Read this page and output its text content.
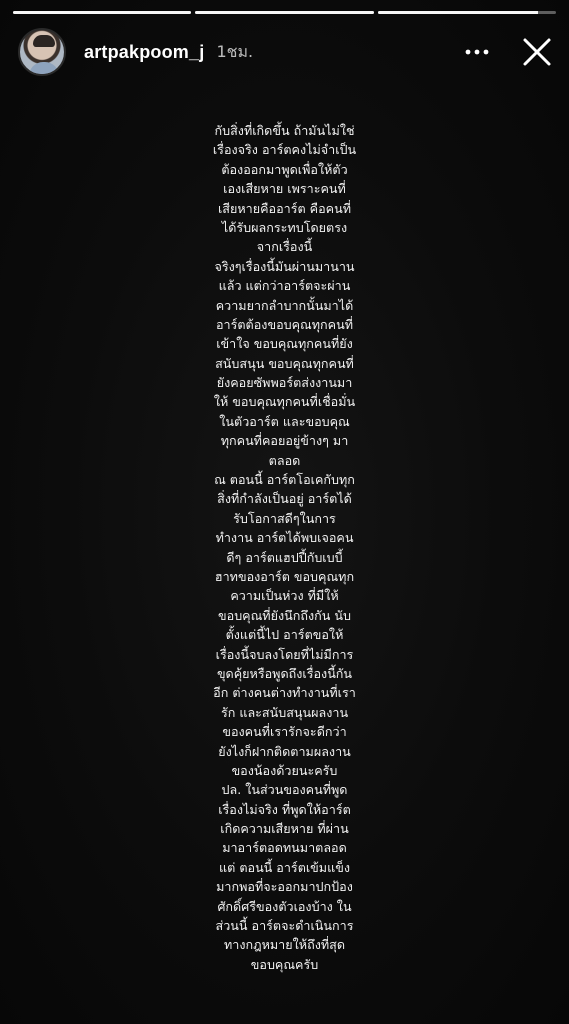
artpakpoom_j 1ชม.
กับสิ่งที่เกิดขึ้น ถ้ามันไม่ใช่
เรื่องจริง อาร์ตคงไม่จำเป็น
ต้องออกมาพูดเพื่อให้ตัว
เองเสียหาย เพราะคนที่
เสียหายคืออาร์ต คือคนที่
ได้รับผลกระทบโดยตรง
จากเรื่องนี้
จริงๆเรื่องนี้มันผ่านมานาน
แล้ว แต่กว่าอาร์ตจะผ่าน
ความยากลำบากนั้นมาได้
อาร์ตต้องขอบคุณทุกคนที่
เข้าใจ ขอบคุณทุกคนที่ยัง
สนับสนุน ขอบคุณทุกคนที่
ยังคอยซัพพอร์ตส่งงานมา
ให้ ขอบคุณทุกคนที่เชื่อมั่น
ในตัวอาร์ต และขอบคุณ
ทุกคนที่คอยอยู่ข้างๆ มา
ตลอด
ณ ตอนนี้ อาร์ตโอเคกับทุก
สิ่งที่กำลังเป็นอยู่ อาร์ตได้
รับโอกาสดีๆในการ
ทำงาน อาร์ตได้พบเจอคน
ดีๆ อาร์ตแฮปปี้กับเบบี้
ฮาทของอาร์ต ขอบคุณทุก
ความเป็นห่วง ที่มีให้
ขอบคุณที่ยังนึกถึงกัน นับ
ตั้งแต่นี้ไป อาร์ตขอให้
เรื่องนี้จบลงโดยที่ไม่มีการ
ขุดคุ้ยหรือพูดถึงเรื่องนี้กัน
อีก ต่างคนต่างทำงานที่เรา
รัก และสนับสนุนผลงาน
ของคนที่เรารักจะดีกว่า
ยังไงก็ฝากติดตามผลงาน
ของน้องด้วยนะครับ
ปล. ในส่วนของคนที่พูด
เรื่องไม่จริง ที่พูดให้อาร์ต
เกิดความเสียหาย ที่ผ่าน
มาอาร์ตอดทนมาตลอด
แต่ ตอนนี้ อาร์ตเข้มแข็ง
มากพอที่จะออกมาปกป้อง
ศักดิ์ศรีของตัวเองบ้าง ใน
ส่วนนี้ อาร์ตจะดำเนินการ
ทางกฎหมายให้ถึงที่สุด
ขอบคุณครับ
